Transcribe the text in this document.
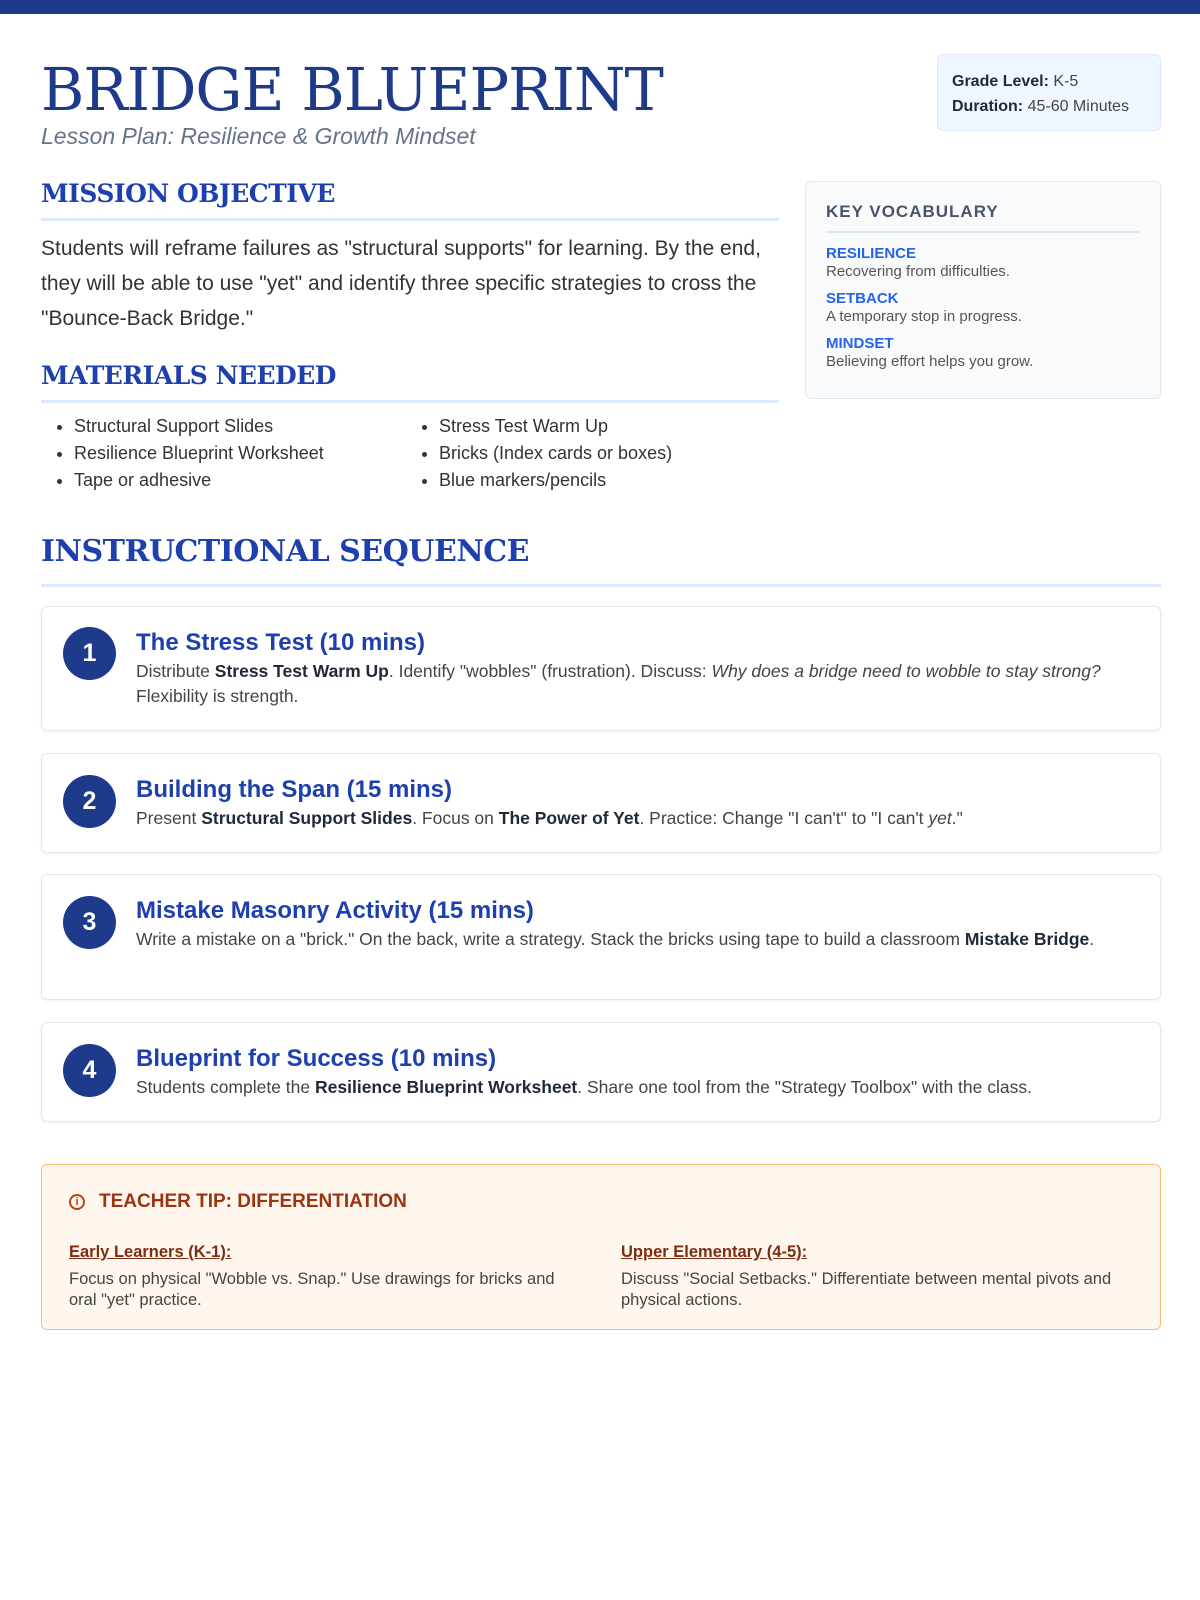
BRIDGE BLUEPRINT

Lesson Plan: Resilience & Growth Mindset

Grade Level: K-5
Duration: 45-60 Minutes
MISSION OBJECTIVE

Students will reframe failures as "structural supports" for learning. By the end, they will be able to use "yet" and identify three specific strategies to cross the "Bounce-Back Bridge."

MATERIALS NEEDED
• Structural Support Slides
• Resilience Blueprint Worksheet
• Tape or adhesive
• Stress Test Warm Up
• Bricks (Index cards or boxes)
• Blue markers/pencils
KEY VOCABULARY
RESILIENCE
Recovering from difficulties.
SETBACK
A temporary stop in progress.
MINDSET
Believing effort helps you grow.
INSTRUCTIONAL SEQUENCE
1	The Stress Test (10 mins)

Distribute Stress Test Warm Up. Identify "wobbles" (frustration). Discuss: Why does a bridge need to wobble to stay strong? Flexibility is strength.

2	Building the Span (15 mins)

Present Structural Support Slides. Focus on The Power of Yet. Practice: Change "I can't" to "I can't yet."

3	Mistake Masonry Activity (15 mins)

Write a mistake on a "brick." On the back, write a strategy. Stack the bricks using tape to build a classroom Mistake Bridge.

4	Blueprint for Success (10 mins)

Students complete the Resilience Blueprint Worksheet. Share one tool from the "Strategy Toolbox" with the class.

i	TEACHER TIP: DIFFERENTIATION
Early Learners (K-1):

Focus on physical "Wobble vs. Snap." Use drawings for bricks and oral "yet" practice.

Upper Elementary (4-5):

Discuss "Social Setbacks." Differentiate between mental pivots and physical actions.
